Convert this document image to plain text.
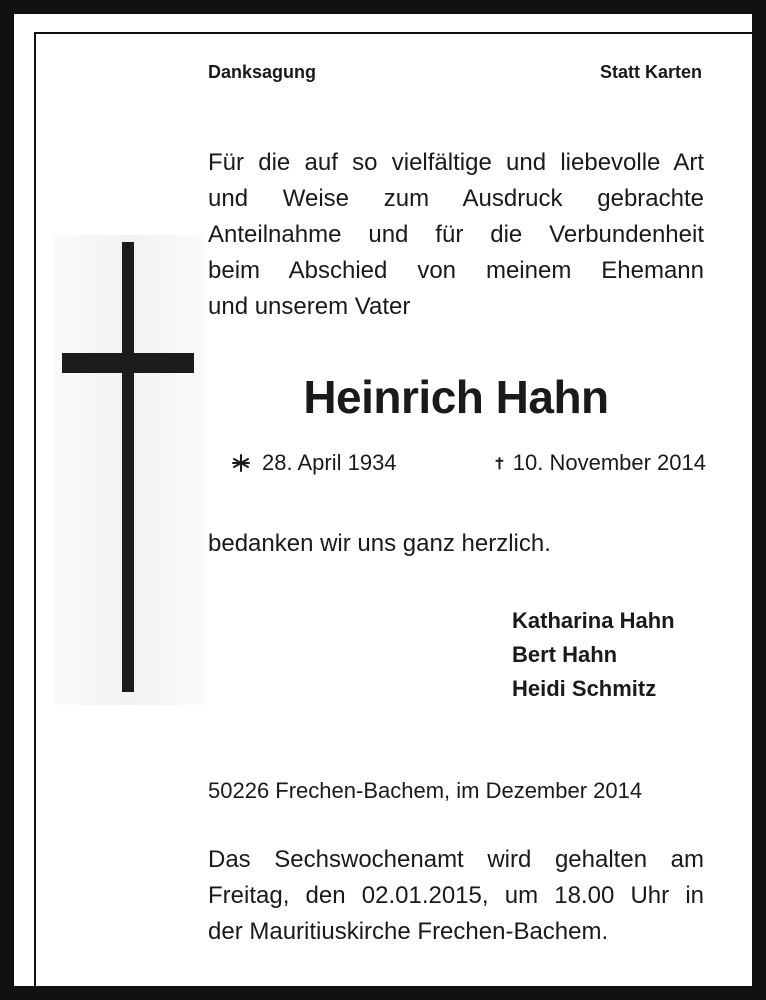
Danksagung	Statt Karten
Für die auf so vielfältige und liebevolle Art
und Weise zum Ausdruck gebrachte
Anteilnahme und für die Verbundenheit
beim Abschied von meinem Ehemann
und unserem Vater
Heinrich Hahn
28. April 1934	10. November 2014
bedanken wir uns ganz herzlich.
Katharina Hahn
Bert Hahn
Heidi Schmitz
50226 Frechen-Bachem, im Dezember 2014
Das Sechswochenamt wird gehalten am
Freitag, den 02.01.2015, um 18.00 Uhr in
der Mauritiuskirche Frechen-Bachem.
